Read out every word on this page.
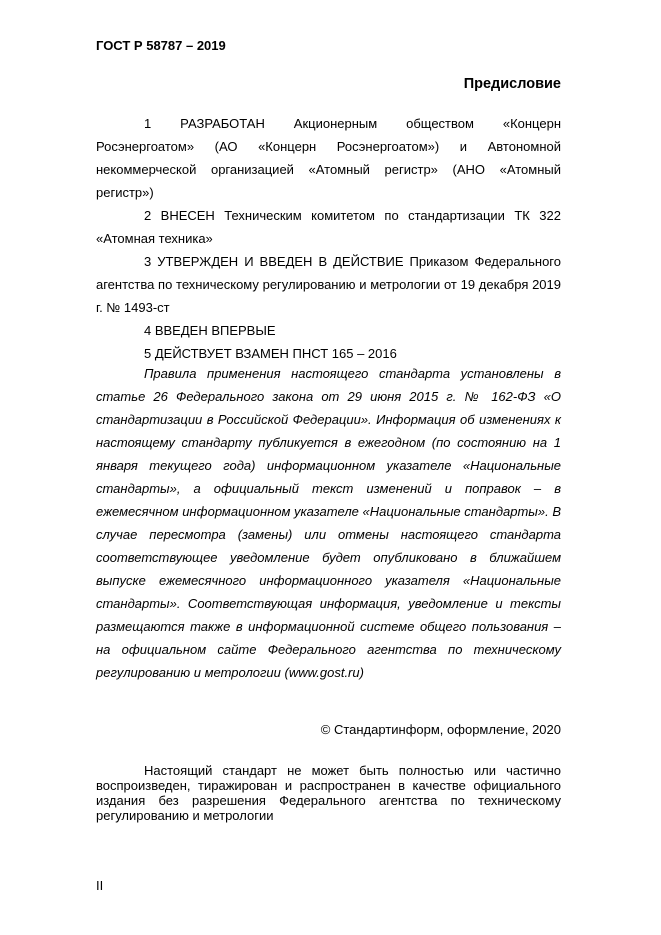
ГОСТ Р 58787 – 2019
Предисловие

1 РАЗРАБОТАН Акционерным обществом «Концерн Росэнергоатом» (АО «Концерн Росэнергоатом») и Автономной некоммерческой организацией «Атомный регистр» (АНО «Атомный регистр»)

2 ВНЕСЕН Техническим комитетом по стандартизации ТК 322 «Атомная техника»

3 УТВЕРЖДЕН И ВВЕДЕН В ДЕЙСТВИЕ Приказом Федерального агентства по техническому регулированию и метрологии от 19 декабря 2019 г. № 1493-ст

4 ВВЕДЕН ВПЕРВЫЕ

5 ДЕЙСТВУЕТ ВЗАМЕН ПНСТ 165 – 2016

Правила применения настоящего стандарта установлены в статье 26 Федерального закона от 29 июня 2015 г. № 162-ФЗ «О стандартизации в Российской Федерации». Информация об изменениях к настоящему стандарту публикуется в ежегодном (по состоянию на 1 января текущего года) информационном указателе «Национальные стандарты», а официальный текст изменений и поправок – в ежемесячном информационном указателе «Национальные стандарты». В случае пересмотра (замены) или отмены настоящего стандарта соответствующее уведомление будет опубликовано в ближайшем выпуске ежемесячного информационного указателя «Национальные стандарты». Соответствующая информация, уведомление и тексты размещаются также в информационной системе общего пользования – на официальном сайте Федерального агентства по техническому регулированию и метрологии (www.gost.ru)

© Стандартинформ, оформление, 2020

Настоящий стандарт не может быть полностью или частично воспроизведен, тиражирован и распространен в качестве официального издания без разрешения Федерального агентства по техническому регулированию и метрологии

II
